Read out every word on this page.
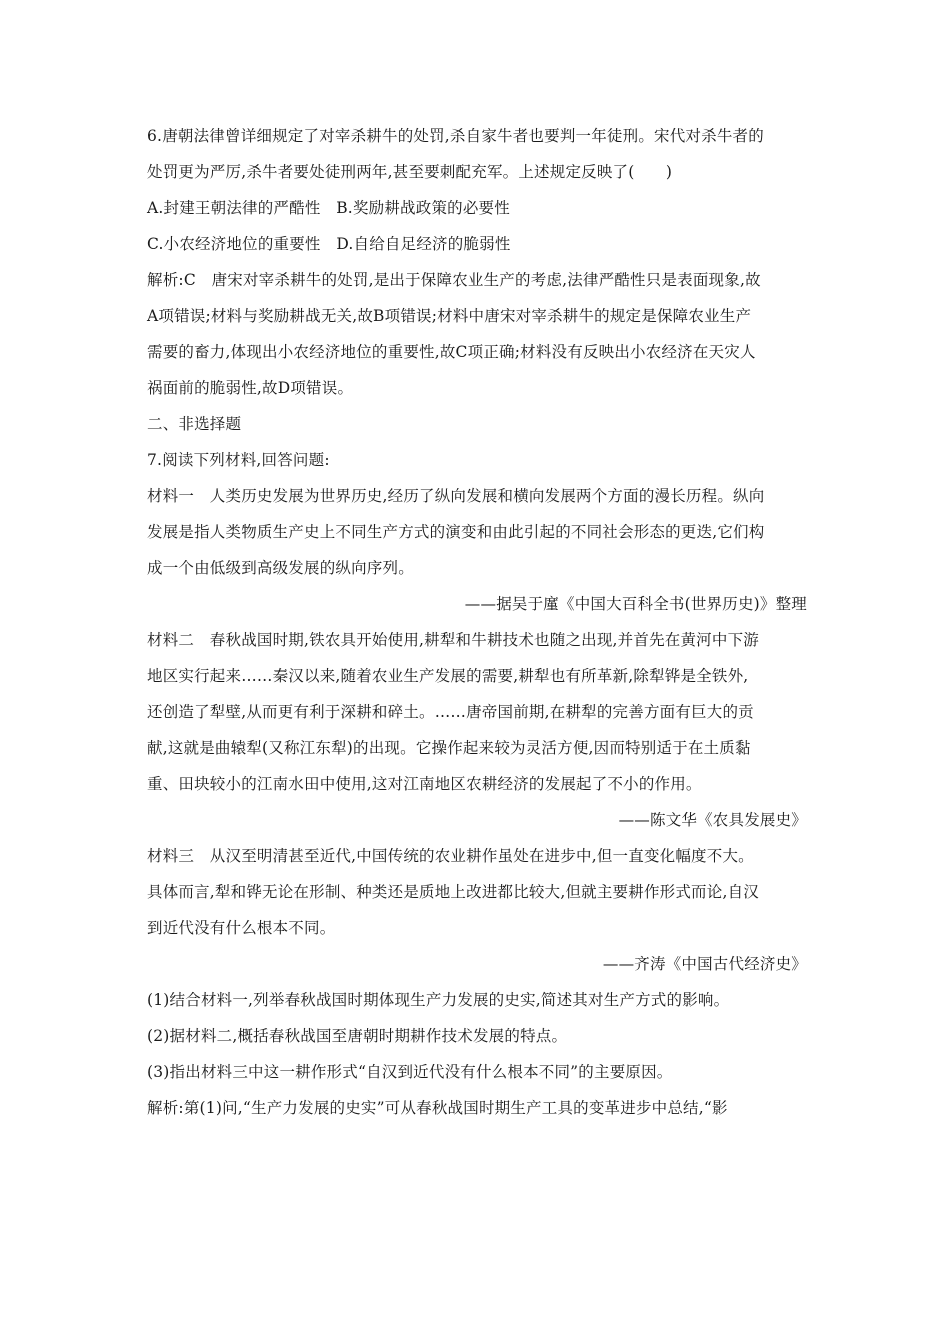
6.唐朝法律曾详细规定了对宰杀耕牛的处罚,杀自家牛者也要判一年徒刑。宋代对杀牛者的
处罚更为严厉,杀牛者要处徒刑两年,甚至要刺配充军。上述规定反映了(　　)
A.封建王朝法律的严酷性　B.奖励耕战政策的必要性
C.小农经济地位的重要性　D.自给自足经济的脆弱性
解析:C　唐宋对宰杀耕牛的处罚,是出于保障农业生产的考虑,法律严酷性只是表面现象,故
A项错误;材料与奖励耕战无关,故B项错误;材料中唐宋对宰杀耕牛的规定是保障农业生产
需要的畜力,体现出小农经济地位的重要性,故C项正确;材料没有反映出小农经济在天灾人
祸面前的脆弱性,故D项错误。
二、非选择题
7.阅读下列材料,回答问题:
材料一　人类历史发展为世界历史,经历了纵向发展和横向发展两个方面的漫长历程。纵向
发展是指人类物质生产史上不同生产方式的演变和由此引起的不同社会形态的更迭,它们构
成一个由低级到高级发展的纵向序列。
——据吴于廑《中国大百科全书(世界历史)》整理
材料二　春秋战国时期,铁农具开始使用,耕犁和牛耕技术也随之出现,并首先在黄河中下游
地区实行起来……秦汉以来,随着农业生产发展的需要,耕犁也有所革新,除犁铧是全铁外,
还创造了犁壁,从而更有利于深耕和碎土。……唐帝国前期,在耕犁的完善方面有巨大的贡
献,这就是曲辕犁(又称江东犁)的出现。它操作起来较为灵活方便,因而特别适于在土质黏
重、田块较小的江南水田中使用,这对江南地区农耕经济的发展起了不小的作用。
——陈文华《农具发展史》
材料三　从汉至明清甚至近代,中国传统的农业耕作虽处在进步中,但一直变化幅度不大。
具体而言,犁和铧无论在形制、种类还是质地上改进都比较大,但就主要耕作形式而论,自汉
到近代没有什么根本不同。
——齐涛《中国古代经济史》
(1)结合材料一,列举春秋战国时期体现生产力发展的史实,简述其对生产方式的影响。
(2)据材料二,概括春秋战国至唐朝时期耕作技术发展的特点。
(3)指出材料三中这一耕作形式“自汉到近代没有什么根本不同”的主要原因。
解析:第(1)问,“生产力发展的史实”可从春秋战国时期生产工具的变革进步中总结,“影
